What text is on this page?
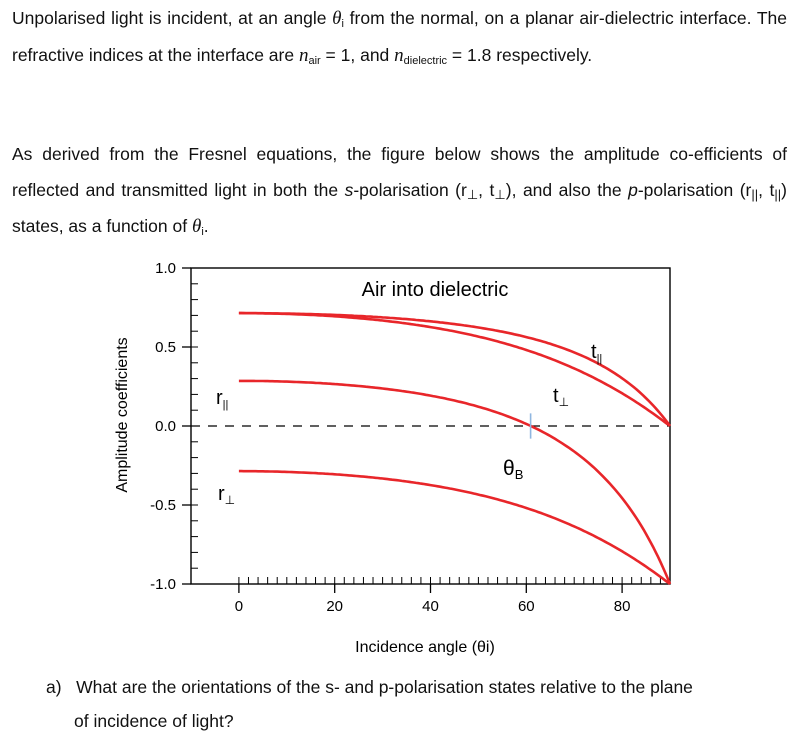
Unpolarised light is incident, at an angle $\theta_i$ from the normal, on a planar air-dielectric interface. The refractive indices at the interface are $n_{air} = 1$, and $n_{dielectric} = 1.8$ respectively.

As derived from the Fresnel equations, the figure below shows the amplitude co-efficients of reflected and transmitted light in both the s-polarisation ($r_\perp$, $t_\perp$), and also the p-polarisation ($r_{||}$, $t_{||}$) states, as a function of $\theta_i$.

1.0
0.5
0.0
-0.5
-1.0
0	20	40	60	80
Air into dielectric
Incidence angle (θi)
Amplitude coefficients	$t_{||}$
$t_\perp$
$r_{||}$
$r_\perp$
θB
a) What are the orientations of the s- and p-polarisation states relative to the plane
of incidence of light?
